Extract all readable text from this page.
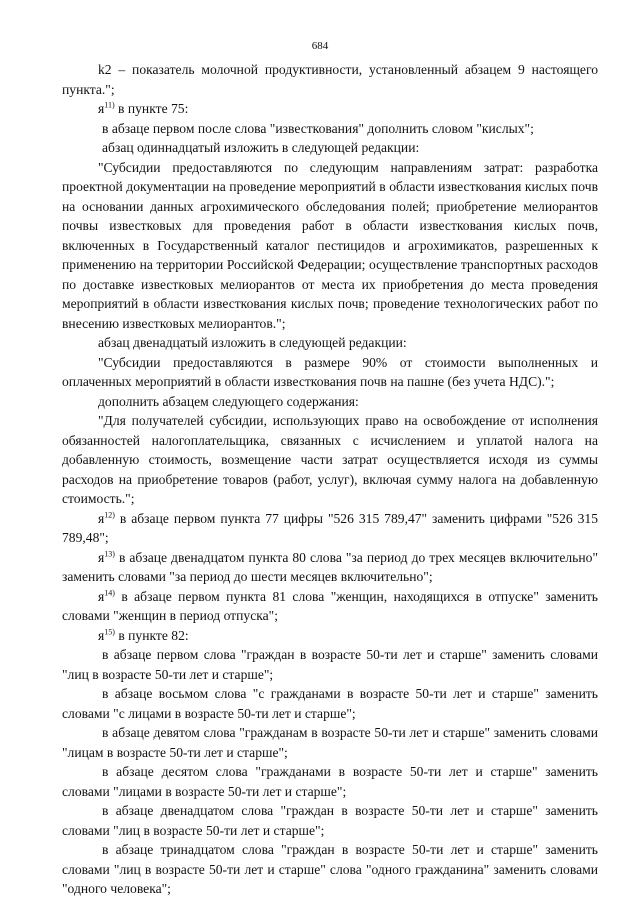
684

k2 – показатель молочной продуктивности, установленный абзацем 9 настоящего пункта.";

$я^{11)}$ в пункте 75:

в абзаце первом после слова "известкования" дополнить словом "кислых";

абзац одиннадцатый изложить в следующей редакции:

"Субсидии предоставляются по следующим направлениям затрат: разработка проектной документации на проведение мероприятий в области известкования кислых почв на основании данных агрохимического обследования полей; приобретение мелиорантов почвы известковых для проведения работ в области известкования кислых почв, включенных в Государственный каталог пестицидов и агрохимикатов, разрешенных к применению на территории Российской Федерации; осуществление транспортных расходов по доставке известковых мелиорантов от места их приобретения до места проведения мероприятий в области известкования кислых почв; проведение технологических работ по внесению известковых мелиорантов.";

абзац двенадцатый изложить в следующей редакции:

"Субсидии предоставляются в размере 90% от стоимости выполненных и оплаченных мероприятий в области известкования почв на пашне (без учета НДС).";

дополнить абзацем следующего содержания:

"Для получателей субсидии, использующих право на освобождение от исполнения обязанностей налогоплательщика, связанных с исчислением и уплатой налога на добавленную стоимость, возмещение части затрат осуществляется исходя из суммы расходов на приобретение товаров (работ, услуг), включая сумму налога на добавленную стоимость.";

$я^{12)}$ в абзаце первом пункта 77 цифры "526 315 789,47" заменить цифрами "526 315 789,48";

$я^{13)}$ в абзаце двенадцатом пункта 80 слова "за период до трех месяцев включительно" заменить словами "за период до шести месяцев включительно";

$я^{14)}$ в абзаце первом пункта 81 слова "женщин, находящихся в отпуске" заменить словами "женщин в период отпуска";

$я^{15)}$ в пункте 82:

в абзаце первом слова "граждан в возрасте 50-ти лет и старше" заменить словами "лиц в возрасте 50-ти лет и старше";

в абзаце восьмом слова "с гражданами в возрасте 50-ти лет и старше" заменить словами "с лицами в возрасте 50-ти лет и старше";

в абзаце девятом слова "гражданам в возрасте 50-ти лет и старше" заменить словами "лицам в возрасте 50-ти лет и старше";

в абзаце десятом слова "гражданами в возрасте 50-ти лет и старше" заменить словами "лицами в возрасте 50-ти лет и старше";

в абзаце двенадцатом слова "граждан в возрасте 50-ти лет и старше" заменить словами "лиц в возрасте 50-ти лет и старше";

в абзаце тринадцатом слова "граждан в возрасте 50-ти лет и старше" заменить словами "лиц в возрасте 50-ти лет и старше" слова "одного гражданина" заменить словами "одного человека";
